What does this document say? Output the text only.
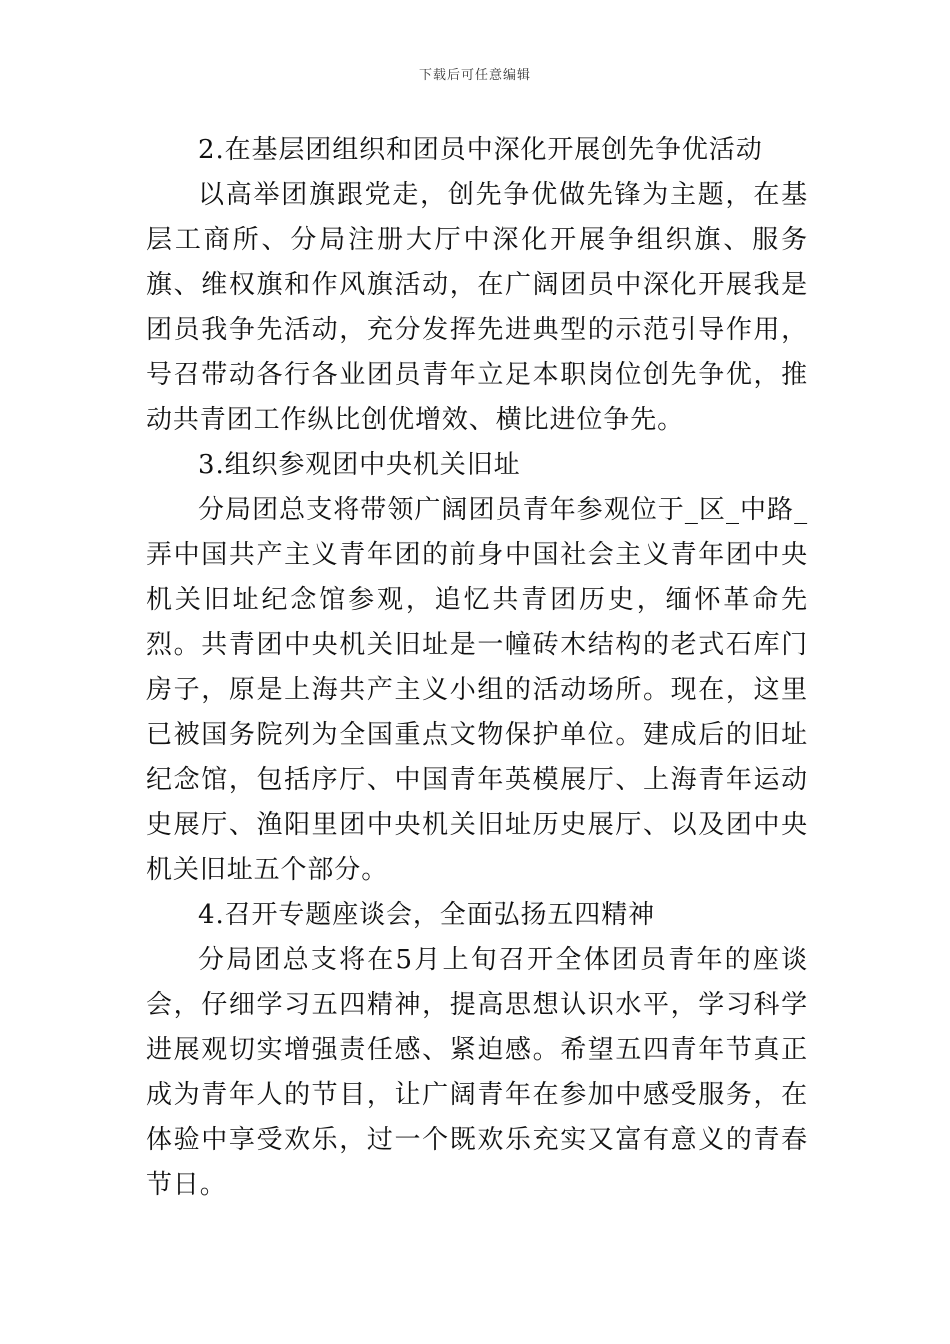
下载后可任意编辑

2.在基层团组织和团员中深化开展创先争优活动

以高举团旗跟党走，创先争优做先锋为主题，在基层工商所、分局注册大厅中深化开展争组织旗、服务旗、维权旗和作风旗活动，在广阔团员中深化开展我是团员我争先活动，充分发挥先进典型的示范引导作用，号召带动各行各业团员青年立足本职岗位创先争优，推动共青团工作纵比创优增效、横比进位争先。

3.组织参观团中央机关旧址

分局团总支将带领广阔团员青年参观位于_区_中路_弄中国共产主义青年团的前身中国社会主义青年团中央机关旧址纪念馆参观，追忆共青团历史，缅怀革命先烈。共青团中央机关旧址是一幢砖木结构的老式石库门房子，原是上海共产主义小组的活动场所。现在，这里已被国务院列为全国重点文物保护单位。建成后的旧址纪念馆，包括序厅、中国青年英模展厅、上海青年运动史展厅、渔阳里团中央机关旧址历史展厅、以及团中央机关旧址五个部分。

4.召开专题座谈会，全面弘扬五四精神

分局团总支将在5月上旬召开全体团员青年的座谈会，仔细学习五四精神，提高思想认识水平，学习科学进展观切实增强责任感、紧迫感。希望五四青年节真正成为青年人的节目，让广阔青年在参加中感受服务，在体验中享受欢乐，过一个既欢乐充实又富有意义的青春节日。
